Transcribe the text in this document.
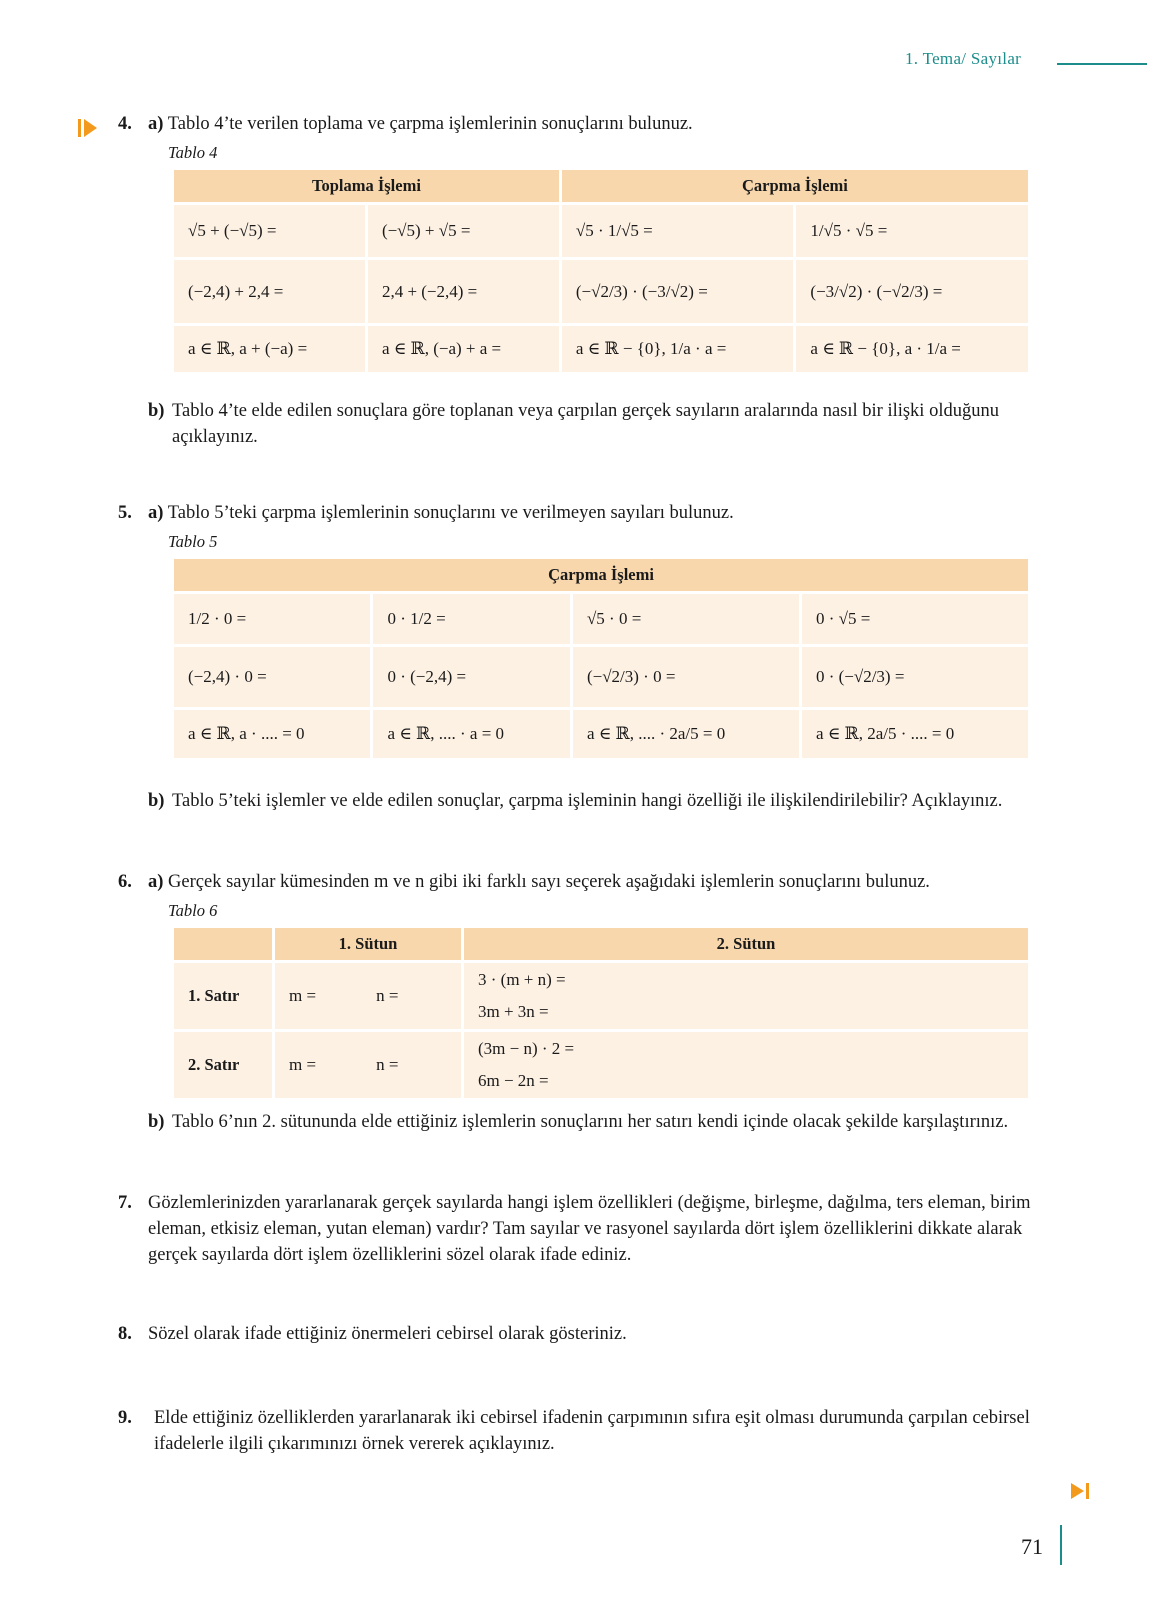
1. Tema/ Sayılar
4. a) Tablo 4’te verilen toplama ve çarpma işlemlerinin sonuçlarını bulunuz.
Tablo 4
Toplama İşlemi		Çarpma İşlemi	
√5 + (−√5) =	(−√5) + √5 =	√5 · 1/√5 =	1/√5 · √5 =
(−2,4) + 2,4 =	2,4 + (−2,4) =	(−√2/3) · (−3/√2) =	(−3/√2) · (−√2/3) =
a ∈ ℝ, a + (−a) =	a ∈ ℝ, (−a) + a =	a ∈ ℝ − {0}, 1/a · a =	a ∈ ℝ − {0}, a · 1/a =
b) Tablo 4’te elde edilen sonuçlara göre toplanan veya çarpılan gerçek sayıların aralarında nasıl bir ilişki olduğunu açıklayınız.
5. a) Tablo 5’teki çarpma işlemlerinin sonuçlarını ve verilmeyen sayıları bulunuz.
Tablo 5
Çarpma İşlemi			
1/2 · 0 =	0 · 1/2 =	√5 · 0 =	0 · √5 =
(−2,4) · 0 =	0 · (−2,4) =	(−√2/3) · 0 =	0 · (−√2/3) =
a ∈ ℝ, a · .... = 0	a ∈ ℝ, .... · a = 0	a ∈ ℝ, .... · 2a/5 = 0	a ∈ ℝ, 2a/5 · .... = 0
b) Tablo 5’teki işlemler ve elde edilen sonuçlar, çarpma işleminin hangi özelliği ile ilişkilendirilebilir? Açıklayınız.
6. a) Gerçek sayılar kümesinden m ve n gibi iki farklı sayı seçerek aşağıdaki işlemlerin sonuçlarını bulunuz.
Tablo 6
	1. Sütun	2. Sütun
1. Satır	m = n =	3 · (m + n) =
3m + 3n =

2. Satır	m = n =	(3m − n) · 2 =
6m − 2n =
b) Tablo 6’nın 2. sütununda elde ettiğiniz işlemlerin sonuçlarını her satırı kendi içinde olacak şekilde karşılaştırınız.
7. Gözlemlerinizden yararlanarak gerçek sayılarda hangi işlem özellikleri (değişme, birleşme, dağılma, ters eleman, birim eleman, etkisiz eleman, yutan eleman) vardır? Tam sayılar ve rasyonel sayılarda dört işlem özelliklerini dikkate alarak gerçek sayılarda dört işlem özelliklerini sözel olarak ifade ediniz.
8. Sözel olarak ifade ettiğiniz önermeleri cebirsel olarak gösteriniz.
9. Elde ettiğiniz özelliklerden yararlanarak iki cebirsel ifadenin çarpımının sıfıra eşit olması durumunda çarpılan cebirsel ifadelerle ilgili çıkarımınızı örnek vererek açıklayınız.
71
